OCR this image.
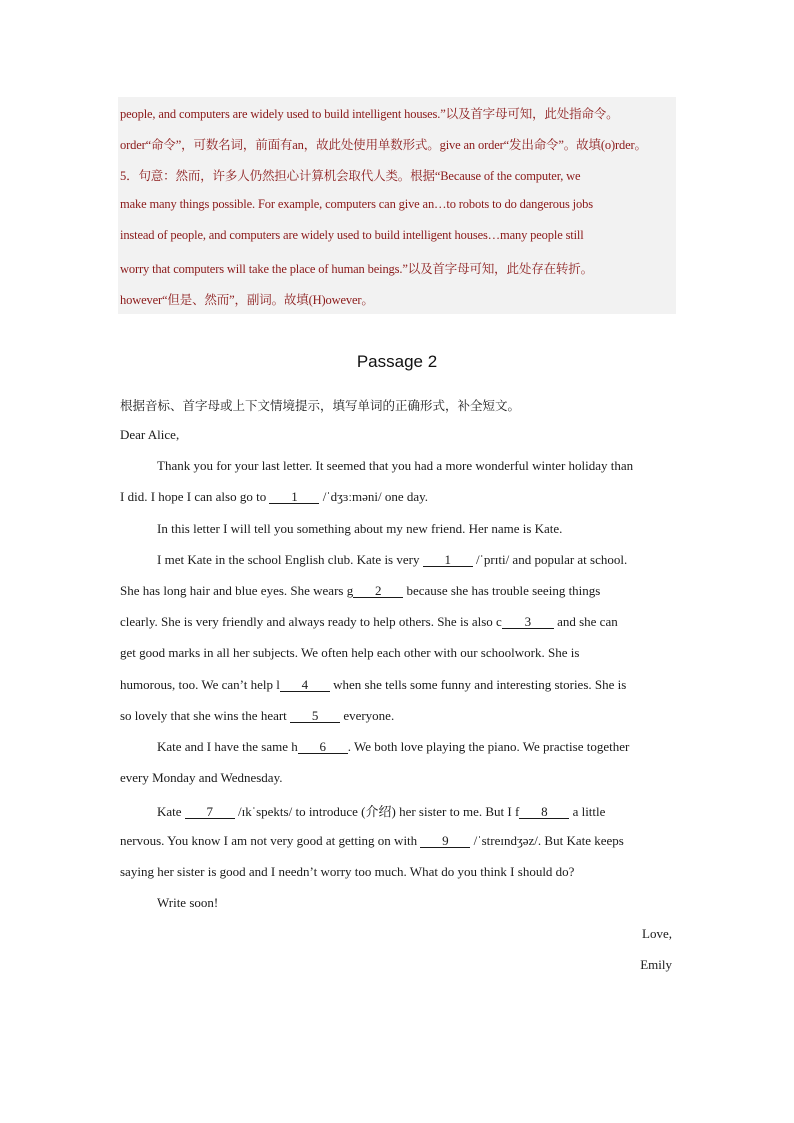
people, and computers are widely used to build intelligent houses.”以及首字母可知，此处指命令。
order“命令”，可数名词，前面有an，故此处使用单数形式。give an order“发出命令”。故填(o)rder。
5．句意：然而，许多人仍然担心计算机会取代人类。根据“Because of the computer, we
make many things possible. For example, computers can give an…to robots to do dangerous jobs
instead of people, and computers are widely used to build intelligent houses…many people still
worry that computers will take the place of human beings.”以及首字母可知，此处存在转折。
however“但是、然而”，副词。故填(H)owever。
Passage 2
根据音标、首字母或上下文情境提示，填写单词的正确形式，补全短文。
Dear Alice,
Thank you for your last letter. It seemed that you had a more wonderful winter holiday than
I did. I hope I can also go to 1 /ˈdʒɜːməni/ one day.
In this letter I will tell you something about my new friend. Her name is Kate.
I met Kate in the school English club. Kate is very 1 /ˈprɪti/ and popular at school.
She has long hair and blue eyes. She wears g 2 because she has trouble seeing things
clearly. She is very friendly and always ready to help others. She is also c 3 and she can
get good marks in all her subjects. We often help each other with our schoolwork. She is
humorous, too. We can’t help l 4 when she tells some funny and interesting stories. She is
so lovely that she wins the heart 5 everyone.
Kate and I have the same h 6 . We both love playing the piano. We practise together
every Monday and Wednesday.
Kate 7 /ɪkˈspekts/ to introduce (介绍) her sister to me. But I f 8 a little
nervous. You know I am not very good at getting on with 9 /ˈstreɪndʒəz/. But Kate keeps
saying her sister is good and I needn’t worry too much. What do you think I should do?
Write soon!
Love,
Emily
